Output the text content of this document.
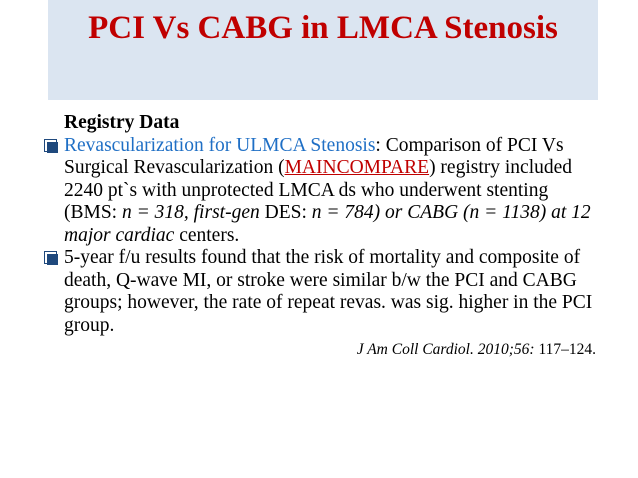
PCI Vs CABG in LMCA Stenosis
Registry Data
Revascularization for ULMCA Stenosis: Comparison of PCI Vs Surgical Revascularization (MAINCOMPARE) registry included 2240 pt`s with unprotected LMCA ds who underwent stenting (BMS: n = 318, first-gen DES: n = 784) or CABG (n = 1138) at 12 major cardiac centers.
5-year f/u results found that the risk of mortality and composite of death, Q-wave MI, or stroke were similar b/w the PCI and CABG groups; however, the rate of repeat revas. was sig. higher in the PCI group.
J Am Coll Cardiol. 2010;56: 117–124.
